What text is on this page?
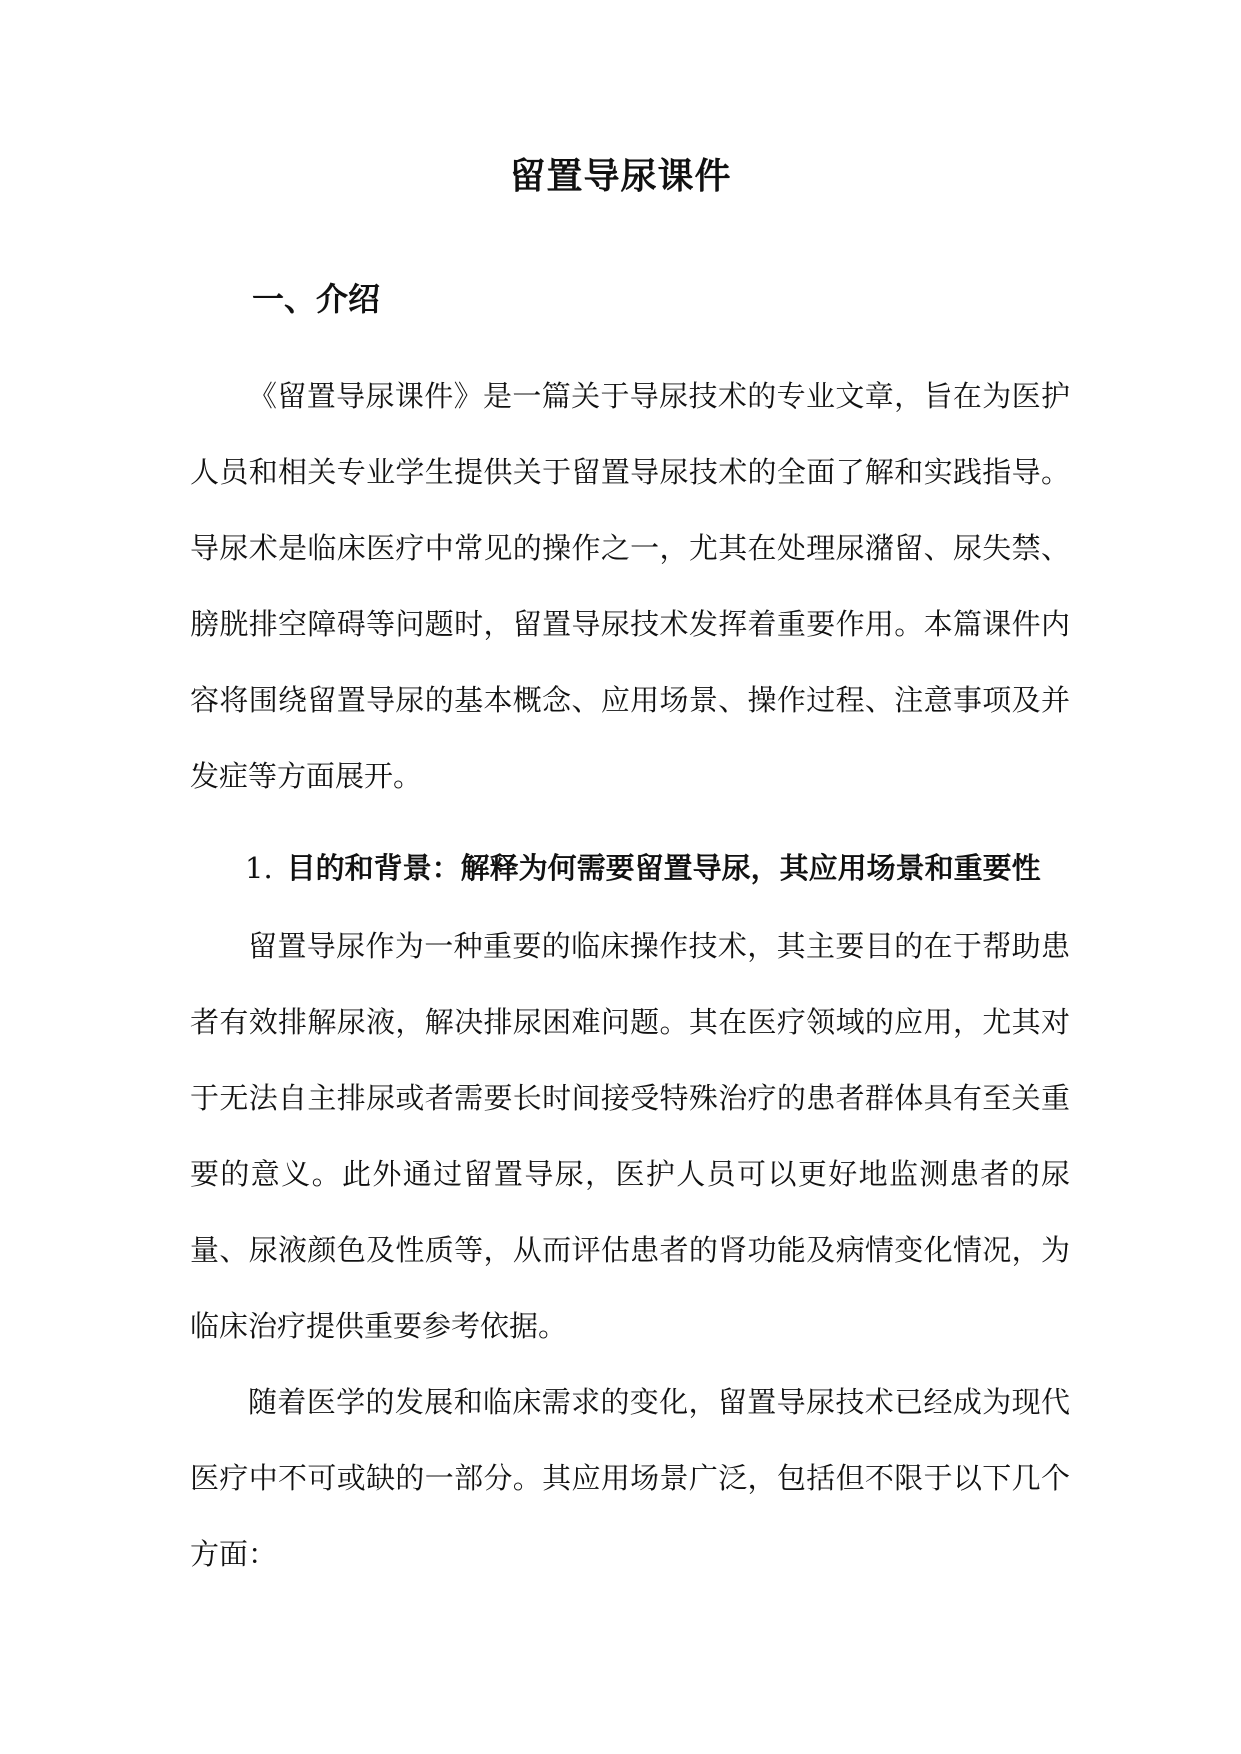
留置导尿课件
一、介绍

《留置导尿课件》是一篇关于导尿技术的专业文章，旨在为医护人员和相关专业学生提供关于留置导尿技术的全面了解和实践指导。导尿术是临床医疗中常见的操作之一，尤其在处理尿潴留、尿失禁、膀胱排空障碍等问题时，留置导尿技术发挥着重要作用。本篇课件内容将围绕留置导尿的基本概念、应用场景、操作过程、注意事项及并发症等方面展开。

1. 目的和背景：解释为何需要留置导尿，其应用场景和重要性

留置导尿作为一种重要的临床操作技术，其主要目的在于帮助患者有效排解尿液，解决排尿困难问题。其在医疗领域的应用，尤其对于无法自主排尿或者需要长时间接受特殊治疗的患者群体具有至关重要的意义。此外通过留置导尿，医护人员可以更好地监测患者的尿量、尿液颜色及性质等，从而评估患者的肾功能及病情变化情况，为临床治疗提供重要参考依据。

随着医学的发展和临床需求的变化，留置导尿技术已经成为现代医疗中不可或缺的一部分。其应用场景广泛，包括但不限于以下几个方面：
